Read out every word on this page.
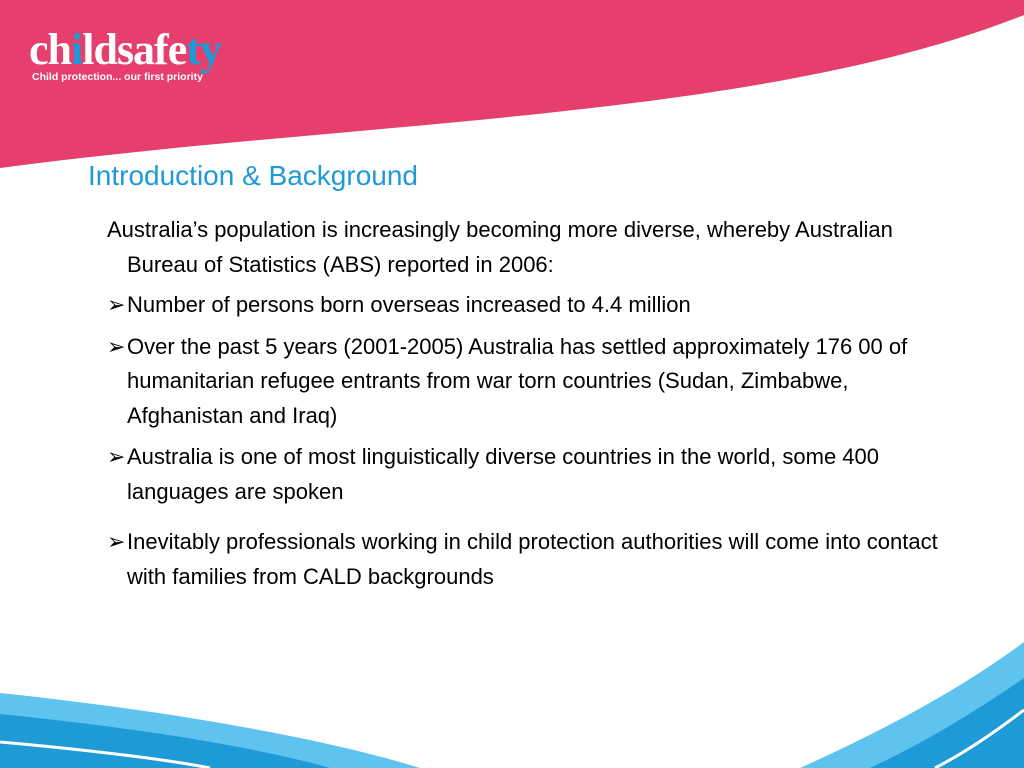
childsafety
Child protection... our first priority
Introduction & Background

Australia’s population is increasingly becoming more diverse, whereby Australian Bureau of Statistics (ABS) reported in 2006:

➢Number of persons born overseas increased to 4.4 million

➢Over the past 5 years (2001-2005) Australia has settled approximately 176 00 of humanitarian refugee entrants from war torn countries (Sudan, Zimbabwe, Afghanistan and Iraq)

➢Australia is one of most linguistically diverse countries in the world, some 400 languages are spoken

➢Inevitably professionals working in child protection authorities will come into contact with families from CALD backgrounds
